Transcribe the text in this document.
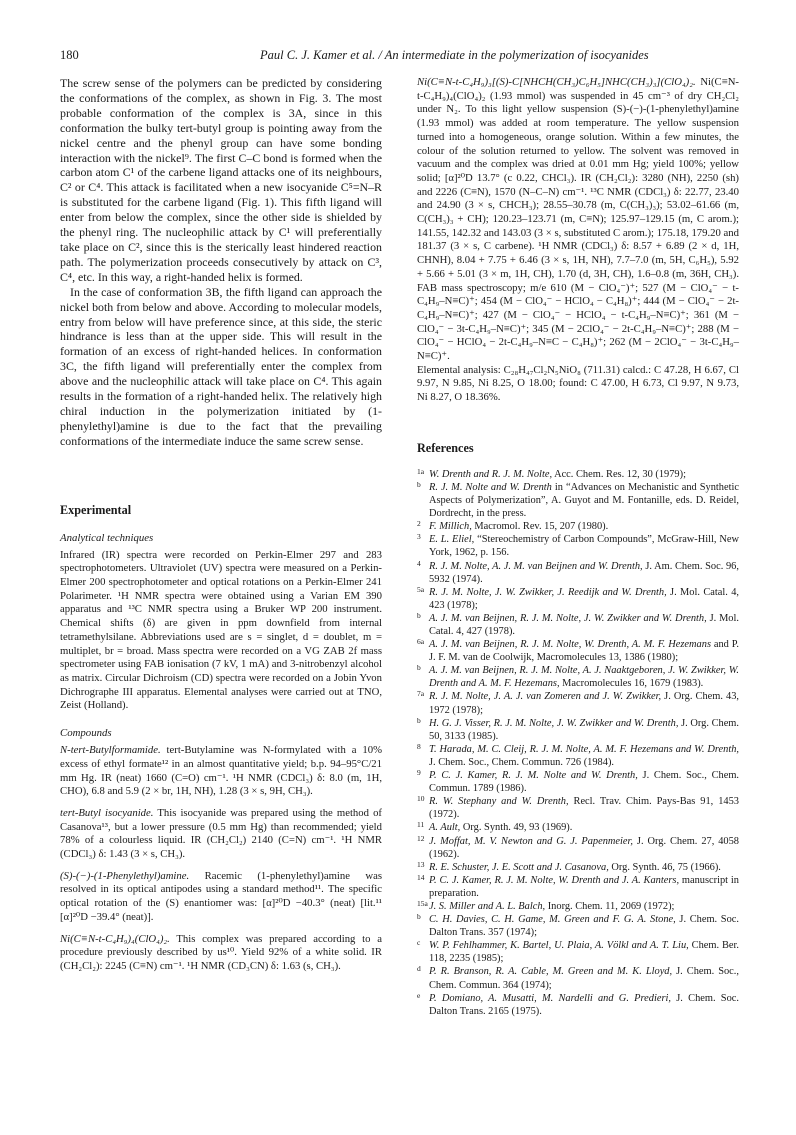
180	Paul C. J. Kamer et al. / An intermediate in the polymerization of isocyanides

The screw sense of the polymers can be predicted by considering the conformations of the complex, as shown in Fig. 3. The most probable conformation of the complex is 3A, since in this conformation the bulky tert-butyl group is pointing away from the nickel centre and the phenyl group can have some bonding interaction with the nickel⁹. The first C–C bond is formed when the carbon atom C¹ of the carbene ligand attacks one of its neighbours, C² or C⁴. This attack is facilitated when a new isocyanide C⁵=N–R is substituted for the carbene ligand (Fig. 1). This fifth ligand will enter from below the complex, since the other side is shielded by the phenyl ring. The nucleophilic attack by C¹ will preferentially take place on C², since this is the sterically least hindered reaction path. The polymerization proceeds consecutively by attack on C³, C⁴, etc. In this way, a right-handed helix is formed.

In the case of conformation 3B, the fifth ligand can approach the nickel both from below and above. According to molecular models, entry from below will have preference since, at this side, the steric hindrance is less than at the upper side. This will result in the formation of an excess of right-handed helices. In conformation 3C, the fifth ligand will preferentially enter the complex from above and the nucleophilic attack will take place on C⁴. This again results in the formation of a right-handed helix. The relatively high chiral induction in the polymerization initiated by (1-phenylethyl)amine is due to the fact that the prevailing conformations of the intermediate induce the same screw sense.

Experimental

Analytical techniques

Infrared (IR) spectra were recorded on Perkin-Elmer 297 and 283 spectrophotometers. Ultraviolet (UV) spectra were measured on a Perkin-Elmer 200 spectrophotometer and optical rotations on a Perkin-Elmer 241 Polarimeter. ¹H NMR spectra were obtained using a Varian EM 390 apparatus and ¹³C NMR spectra using a Bruker WP 200 instrument. Chemical shifts (δ) are given in ppm downfield from internal tetramethylsilane. Abbreviations used are s = singlet, d = doublet, m = multiplet, br = broad. Mass spectra were recorded on a VG ZAB 2f mass spectrometer using FAB ionisation (7 kV, 1 mA) and 3-nitrobenzyl alcohol as matrix. Circular Dichroism (CD) spectra were recorded on a Jobin Yvon Dichrographe III apparatus. Elemental analyses were carried out at TNO, Zeist (Holland).

Compounds

N-tert-Butylformamide. tert-Butylamine was N-formylated with a 10% excess of ethyl formate¹² in an almost quantitative yield; b.p. 94–95°C/21 mm Hg. IR (neat) 1660 (C=O) cm⁻¹. ¹H NMR (CDCl₃) δ: 8.0 (m, 1H, CHO), 6.8 and 5.9 (2 × br, 1H, NH), 1.28 (3 × s, 9H, CH₃).

tert-Butyl isocyanide. This isocyanide was prepared using the method of Casanova¹³, but a lower pressure (0.5 mm Hg) than recommended; yield 78% of a colourless liquid. IR (CH₂Cl₂) 2140 (C=N) cm⁻¹. ¹H NMR (CDCl₃) δ: 1.43 (3 × s, CH₃).

(S)-(−)-(1-Phenylethyl)amine. Racemic (1-phenylethyl)amine was resolved in its optical antipodes using a standard method¹¹. The specific optical rotation of the (S) enantiomer was: [α]²⁰D −40.3° (neat) [lit.¹¹ [α]²⁰D −39.4° (neat)].

Ni(C≡N-t-C₄H₉)₄(ClO₄)₂. This complex was prepared according to a procedure previously described by us¹⁰. Yield 92% of a white solid. IR (CH₂Cl₂): 2245 (C≡N) cm⁻¹. ¹H NMR (CD₃CN) δ: 1.63 (s, CH₃).

Ni(C≡N-t-C₄H₉)₃[(S)-C[NHCH(CH₃)C₆H₅]NHC(CH₃)₃](ClO₄)₂. Ni(C≡N-t-C₄H₉)₄(ClO₄)₂ (1.93 mmol) was suspended in 45 cm⁻³ of dry CH₂Cl₂ under N₂. To this light yellow suspension (S)-(−)-(1-phenylethyl)amine (1.93 mmol) was added at room temperature. The yellow suspension turned into a homogeneous, orange solution. Within a few minutes, the colour of the solution returned to yellow. The solvent was removed in vacuum and the complex was dried at 0.01 mm Hg; yield 100%; yellow solid; [α]²⁰D 13.7° (c 0.22, CHCl₃). IR (CH₂Cl₂): 3280 (NH), 2250 (sh) and 2226 (C≡N), 1570 (N–C–N) cm⁻¹. ¹³C NMR (CDCl₃) δ: 22.77, 23.40 and 24.90 (3 × s, CHCH₃); 28.55–30.78 (m, C(CH₃)₃); 53.02–61.66 (m, C(CH₃)₃ + CH); 120.23–123.71 (m, C≡N); 125.97–129.15 (m, C arom.); 141.55, 142.32 and 143.03 (3 × s, substituted C arom.); 175.18, 179.20 and 181.37 (3 × s, C carbene). ¹H NMR (CDCl₃) δ: 8.57 + 6.89 (2 × d, 1H, CHNH), 8.04 + 7.75 + 6.46 (3 × s, 1H, NH), 7.7–7.0 (m, 5H, C₆H₅), 5.92 + 5.66 + 5.01 (3 × m, 1H, CH), 1.70 (d, 3H, CH), 1.6–0.8 (m, 36H, CH₃). FAB mass spectroscopy; m/e 610 (M − ClO₄⁻)⁺; 527 (M − ClO₄⁻ − t-C₄H₉–N≡C)⁺; 454 (M − ClO₄⁻ − HClO₄ − C₄H₈)⁺; 444 (M − ClO₄⁻ − 2t-C₄H₉–N≡C)⁺; 427 (M − ClO₄⁻ − HClO₄ − t-C₄H₉–N≡C)⁺; 361 (M − ClO₄⁻ − 3t-C₄H₉–N≡C)⁺; 345 (M − 2ClO₄⁻ − 2t-C₄H₉–N≡C)⁺; 288 (M − ClO₄⁻ − HClO₄ − 2t-C₄H₉–N≡C − C₄H₈)⁺; 262 (M − 2ClO₄⁻ − 3t-C₄H₉–N≡C)⁺.

Elemental analysis: C₂₈H₄₇Cl₂N₅NiO₈ (711.31) calcd.: C 47.28, H 6.67, Cl 9.97, N 9.85, Ni 8.25, O 18.00; found: C 47.00, H 6.73, Cl 9.97, N 9.73, Ni 8.27, O 18.36%.

References

1a W. Drenth and R. J. M. Nolte, Acc. Chem. Res. 12, 30 (1979);

b R. J. M. Nolte and W. Drenth in “Advances on Mechanistic and Synthetic Aspects of Polymerization”, A. Guyot and M. Fontanille, eds. D. Reidel, Dordrecht, in the press.

2 F. Millich, Macromol. Rev. 15, 207 (1980).

3 E. L. Eliel, “Stereochemistry of Carbon Compounds”, McGraw-Hill, New York, 1962, p. 156.

4 R. J. M. Nolte, A. J. M. van Beijnen and W. Drenth, J. Am. Chem. Soc. 96, 5932 (1974).

5a R. J. M. Nolte, J. W. Zwikker, J. Reedijk and W. Drenth, J. Mol. Catal. 4, 423 (1978);

b A. J. M. van Beijnen, R. J. M. Nolte, J. W. Zwikker and W. Drenth, J. Mol. Catal. 4, 427 (1978).

6a A. J. M. van Beijnen, R. J. M. Nolte, W. Drenth, A. M. F. Hezemans and P. J. F. M. van de Coolwijk, Macromolecules 13, 1386 (1980);

b A. J. M. van Beijnen, R. J. M. Nolte, A. J. Naaktgeboren, J. W. Zwikker, W. Drenth and A. M. F. Hezemans, Macromolecules 16, 1679 (1983).

7a R. J. M. Nolte, J. A. J. van Zomeren and J. W. Zwikker, J. Org. Chem. 43, 1972 (1978);

b H. G. J. Visser, R. J. M. Nolte, J. W. Zwikker and W. Drenth, J. Org. Chem. 50, 3133 (1985).

8 T. Harada, M. C. Cleij, R. J. M. Nolte, A. M. F. Hezemans and W. Drenth, J. Chem. Soc., Chem. Commun. 726 (1984).

9 P. C. J. Kamer, R. J. M. Nolte and W. Drenth, J. Chem. Soc., Chem. Commun. 1789 (1986).

10 R. W. Stephany and W. Drenth, Recl. Trav. Chim. Pays-Bas 91, 1453 (1972).

11 A. Ault, Org. Synth. 49, 93 (1969).

12 J. Moffat, M. V. Newton and G. J. Papenmeier, J. Org. Chem. 27, 4058 (1962).

13 R. E. Schuster, J. E. Scott and J. Casanova, Org. Synth. 46, 75 (1966).

14 P. C. J. Kamer, R. J. M. Nolte, W. Drenth and J. A. Kanters, manuscript in preparation.

15a J. S. Miller and A. L. Balch, Inorg. Chem. 11, 2069 (1972);

b C. H. Davies, C. H. Game, M. Green and F. G. A. Stone, J. Chem. Soc. Dalton Trans. 357 (1974);

c W. P. Fehlhammer, K. Bartel, U. Plaia, A. Völkl and A. T. Liu, Chem. Ber. 118, 2235 (1985);

d P. R. Branson, R. A. Cable, M. Green and M. K. Lloyd, J. Chem. Soc., Chem. Commun. 364 (1974);

e P. Domiano, A. Musatti, M. Nardelli and G. Predieri, J. Chem. Soc. Dalton Trans. 2165 (1975).
